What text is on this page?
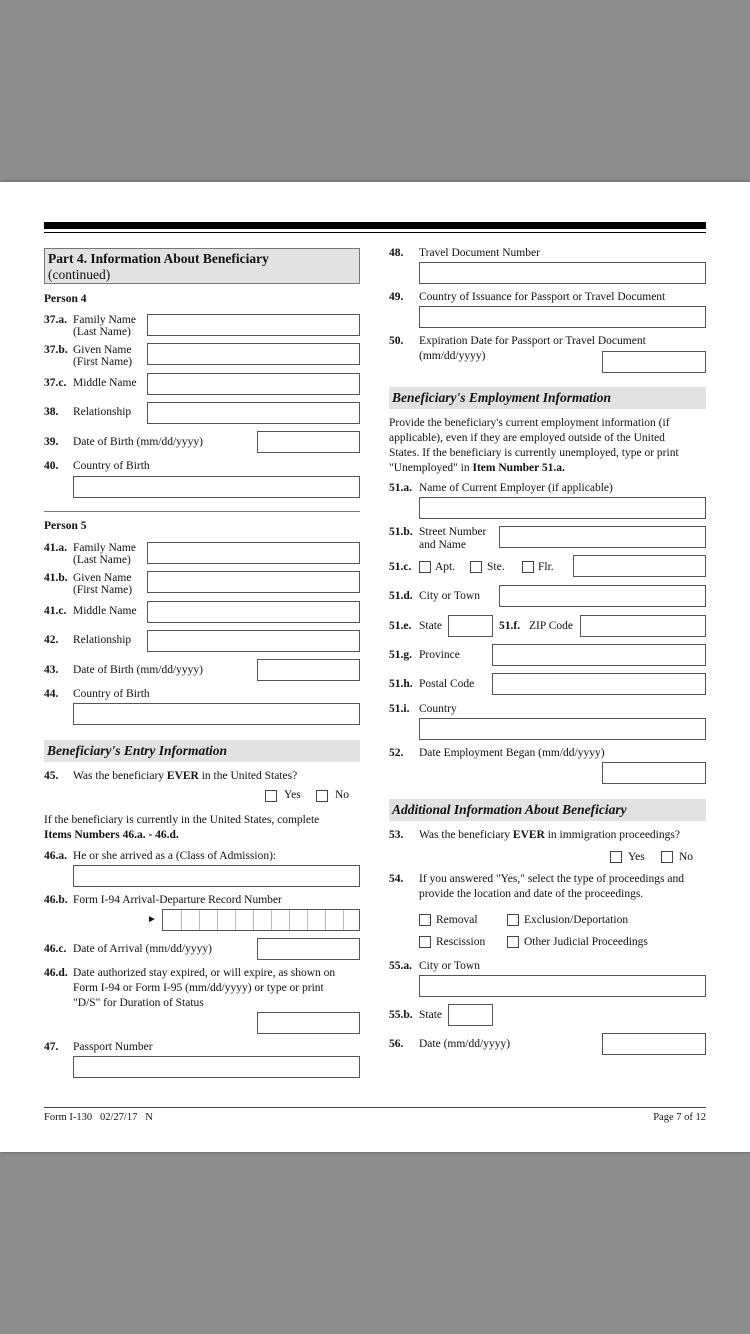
Part 4. Information About Beneficiary
(continued)
Person 4
37.a. Family Name
(Last Name)
37.b. Given Name
(First Name)
37.c. Middle Name
38. Relationship
39. Date of Birth (mm/dd/yyyy)
40. Country of Birth
Person 5
41.a. Family Name
(Last Name)
41.b. Given Name
(First Name)
41.c. Middle Name
42. Relationship
43. Date of Birth (mm/dd/yyyy)
44. Country of Birth
Beneficiary's Entry Information
45. Was the beneficiary EVER in the United States?
Yes	No
If the beneficiary is currently in the United States, complete
Items Numbers 46.a. - 46.d.
46.a. He or she arrived as a (Class of Admission):
46.b. Form I-94 Arrival-Departure Record Number
►
46.c. Date of Arrival (mm/dd/yyyy)
46.d. Date authorized stay expired, or will expire, as shown on
Form I-94 or Form I-95 (mm/dd/yyyy) or type or print
"D/S" for Duration of Status
47. Passport Number
48. Travel Document Number
49. Country of Issuance for Passport or Travel Document
50. Expiration Date for Passport or Travel Document
(mm/dd/yyyy)
Beneficiary's Employment Information
Provide the beneficiary's current employment information (if
applicable), even if they are employed outside of the United
States. If the beneficiary is currently unemployed, type or print
"Unemployed" in Item Number 51.a.
51.a. Name of Current Employer (if applicable)
51.b. Street Number
and Name
51.c. Apt.	Ste.	Flr.
51.d. City or Town
51.e. State	51.f. ZIP Code
51.g. Province
51.h. Postal Code
51.i. Country
52. Date Employment Began (mm/dd/yyyy)
Additional Information About Beneficiary
53. Was the beneficiary EVER in immigration proceedings?
Yes	No
54. If you answered "Yes," select the type of proceedings and
provide the location and date of the proceedings.
Removal	Exclusion/Deportation
Rescission	Other Judicial Proceedings
55.a. City or Town
55.b. State
56. Date (mm/dd/yyyy)
Form I-130   02/27/17   N	Page 7 of 12
